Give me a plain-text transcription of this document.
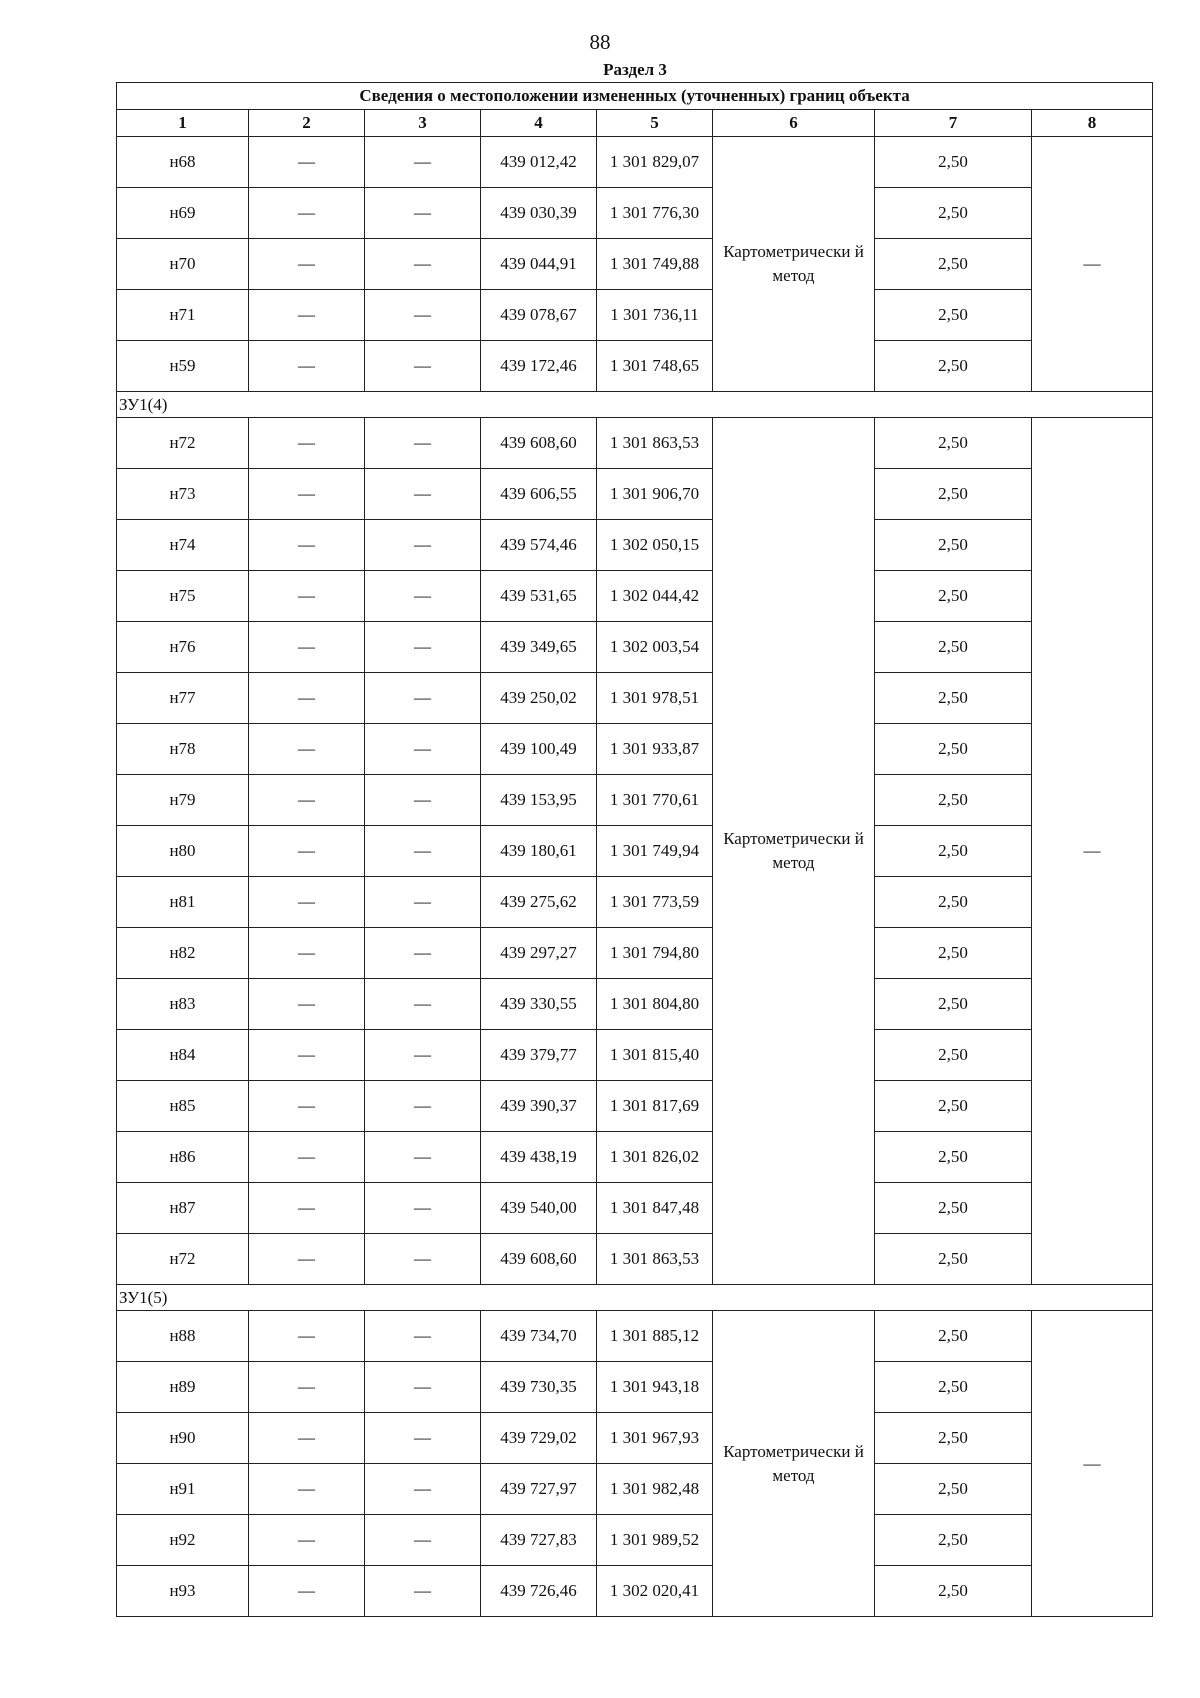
88
Раздел 3
Сведения о местоположении измененных (уточненных) границ объекта							
1	2	3	4	5	6	7	8
н68	—	—	439 012,42	1 301 829,07	Картометрически й метод	2,50	—
н69	—	—	439 030,39	1 301 776,30		2,50	
н70	—	—	439 044,91	1 301 749,88		2,50	
н71	—	—	439 078,67	1 301 736,11		2,50	
н59	—	—	439 172,46	1 301 748,65		2,50	
ЗУ1(4)							
н72	—	—	439 608,60	1 301 863,53	Картометрически й метод	2,50	—
н73	—	—	439 606,55	1 301 906,70		2,50	
н74	—	—	439 574,46	1 302 050,15		2,50	
н75	—	—	439 531,65	1 302 044,42		2,50	
н76	—	—	439 349,65	1 302 003,54		2,50	
н77	—	—	439 250,02	1 301 978,51		2,50	
н78	—	—	439 100,49	1 301 933,87		2,50	
н79	—	—	439 153,95	1 301 770,61		2,50	
н80	—	—	439 180,61	1 301 749,94		2,50	
н81	—	—	439 275,62	1 301 773,59		2,50	
н82	—	—	439 297,27	1 301 794,80		2,50	
н83	—	—	439 330,55	1 301 804,80		2,50	
н84	—	—	439 379,77	1 301 815,40		2,50	
н85	—	—	439 390,37	1 301 817,69		2,50	
н86	—	—	439 438,19	1 301 826,02		2,50	
н87	—	—	439 540,00	1 301 847,48		2,50	
н72	—	—	439 608,60	1 301 863,53		2,50	
ЗУ1(5)							
н88	—	—	439 734,70	1 301 885,12	Картометрически й метод	2,50	—
н89	—	—	439 730,35	1 301 943,18		2,50	
н90	—	—	439 729,02	1 301 967,93		2,50	
н91	—	—	439 727,97	1 301 982,48		2,50	
н92	—	—	439 727,83	1 301 989,52		2,50	
н93	—	—	439 726,46	1 302 020,41		2,50	
